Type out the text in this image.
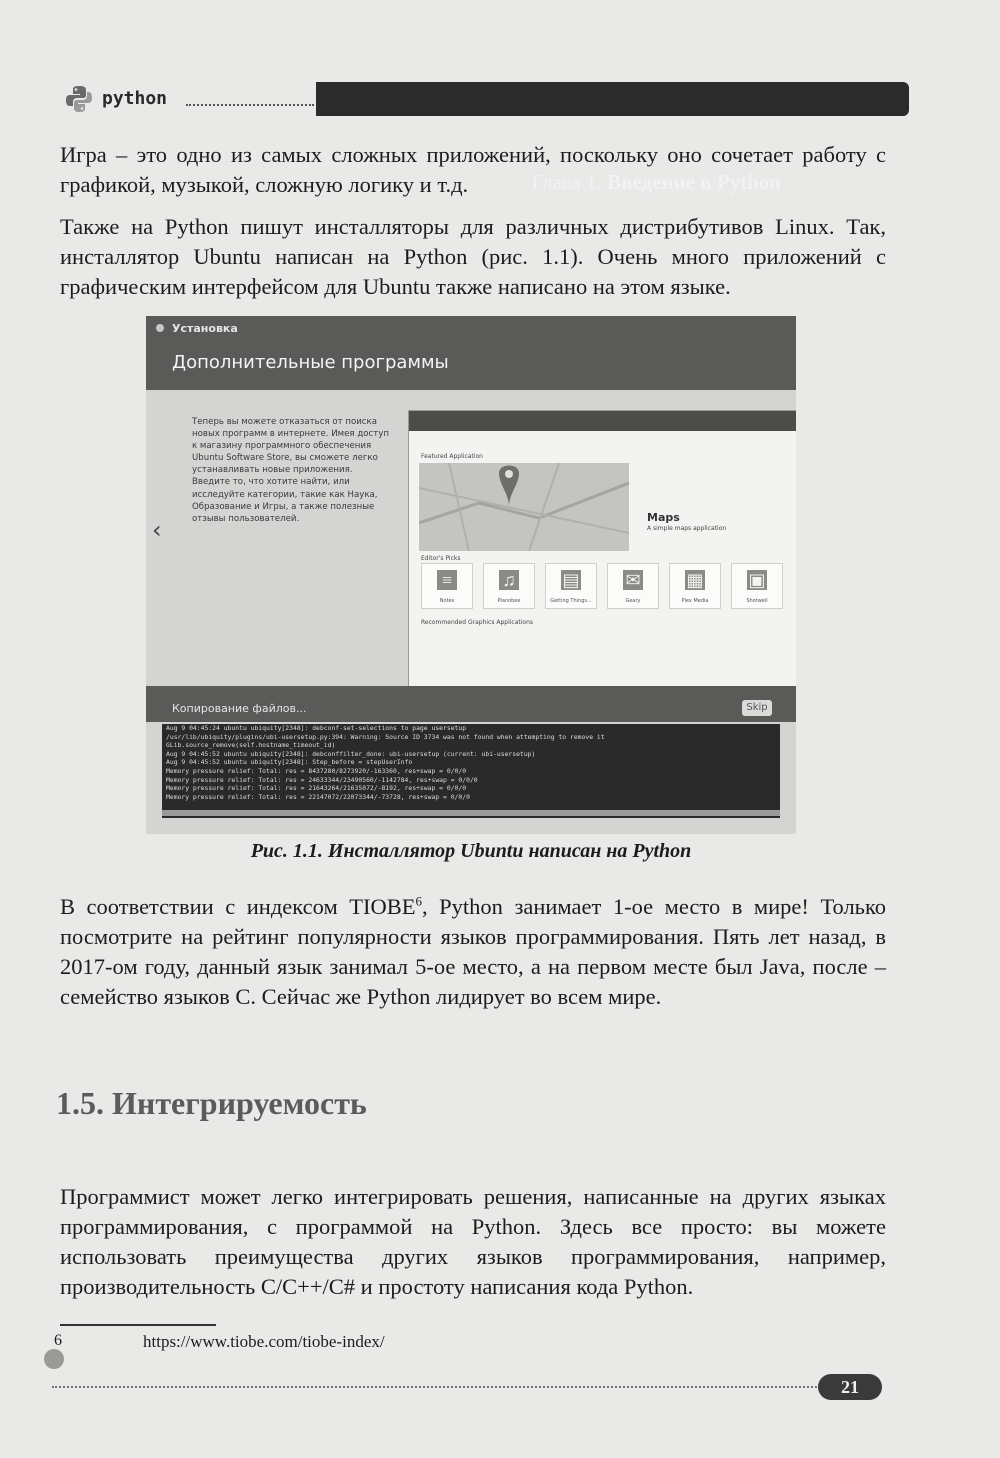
python
Глава 1. Введение в Python

Игра – это одно из самых сложных приложений, поскольку оно сочетает работу с графикой, музыкой, сложную логику и т.д.

Также на Python пишут инсталляторы для различных дистрибутивов Linux. Так, инсталлятор Ubuntu написан на Python (рис. 1.1). Очень много приложений с графическим интерфейсом для Ubuntu также написано на этом языке.

Установка
Дополнительные программы
Теперь вы можете отказаться от поиска новых программ в интернете. Имея доступ к магазину программного обеспечения Ubuntu Software Store, вы сможете легко устанавливать новые приложения. Введите то, что хотите найти, или исследуйте категории, такие как Наука, Образование и Игры, а также полезные отзывы пользователей.
‹
Featured Application
Maps
A simple maps application
Editor's Picks
≡
Notes
♫
Pianobee
▤
Getting Things...
✉
Geary
▦
Plex Media
▣
Shotwell
Recommended Graphics Applications
Копирование файлов...	Skip
Aug 9 04:45:24 ubuntu ubiquity[2348]: debconf-set-selections to page usersetup
/usr/lib/ubiquity/plugins/ubi-usersetup.py:394: Warning: Source ID 3734 was not found when attempting to remove it
GLib.source_remove(self.hostname_timeout_id)
Aug 9 04:45:52 ubuntu ubiquity[2348]: debconffilter_done: ubi-usersetup (current: ubi-usersetup)
Aug 9 04:45:52 ubuntu ubiquity[2348]: Step_before = stepUserInfo
Memory pressure relief: Total: res = 8437280/8273920/-163360, res+swap = 0/0/0
Memory pressure relief: Total: res = 24633344/23490560/-1142784, res+swap = 0/0/0
Memory pressure relief: Total: res = 21643264/21635072/-8192, res+swap = 0/0/0
Memory pressure relief: Total: res = 22147072/22073344/-73728, res+swap = 0/0/0
Рис. 1.1. Инсталлятор Ubuntu написан на Python

В соответствии с индексом TIOBE$^6$, Python занимает 1-ое место в мире! Только посмотрите на рейтинг популярности языков программирования. Пять лет назад, в 2017-ом году, данный язык занимал 5-ое место, а на первом месте был Java, после – семейство языков C. Сейчас же Python лидирует во всем мире.

1.5. Интегрируемость

Программист может легко интегрировать решения, написанные на других языках программирования, с программой на Python. Здесь все просто: вы можете использовать преимущества других языков программирования, например, производительность C/C++/C# и простоту написания кода Python.

6	https://www.tiobe.com/tiobe-index/
21
